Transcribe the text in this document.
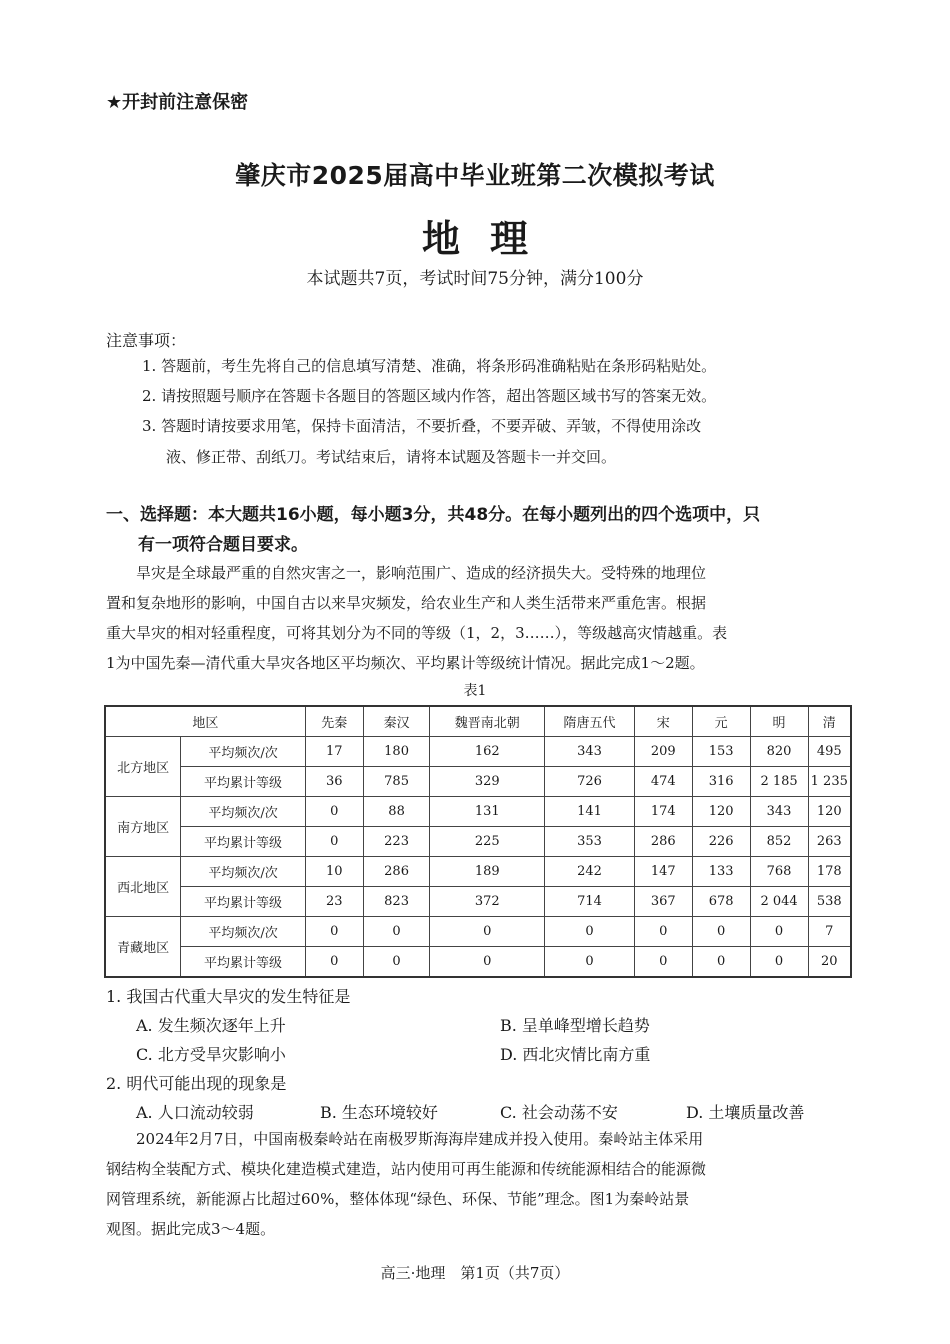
★开封前注意保密
肇庆市2025届高中毕业班第二次模拟考试
地理
本试题共7页，考试时间75分钟，满分100分
注意事项：
1. 答题前，考生先将自己的信息填写清楚、准确，将条形码准确粘贴在条形码粘贴处。
2. 请按照题号顺序在答题卡各题目的答题区域内作答，超出答题区域书写的答案无效。
3. 答题时请按要求用笔，保持卡面清洁，不要折叠，不要弄破、弄皱，不得使用涂改
液、修正带、刮纸刀。考试结束后，请将本试题及答题卡一并交回。
一、选择题：本大题共16小题，每小题3分，共48分。在每小题列出的四个选项中，只
有一项符合题目要求。
旱灾是全球最严重的自然灾害之一，影响范围广、造成的经济损失大。受特殊的地理位
置和复杂地形的影响，中国自古以来旱灾频发，给农业生产和人类生活带来严重危害。根据
重大旱灾的相对轻重程度，可将其划分为不同的等级（1，2，3……），等级越高灾情越重。表
1为中国先秦—清代重大旱灾各地区平均频次、平均累计等级统计情况。据此完成1～2题。
表1
地区		先秦	秦汉	魏晋南北朝	隋唐五代	宋	元	明	清
北方地区	平均频次/次	17	180	162	343	209	153	820	495
	平均累计等级	36	785	329	726	474	316	2 185	1 235
南方地区	平均频次/次	0	88	131	141	174	120	343	120
	平均累计等级	0	223	225	353	286	226	852	263
西北地区	平均频次/次	10	286	189	242	147	133	768	178
	平均累计等级	23	823	372	714	367	678	2 044	538
青藏地区	平均频次/次	0	0	0	0	0	0	0	7
	平均累计等级	0	0	0	0	0	0	0	20
1. 我国古代重大旱灾的发生特征是
A. 发生频次逐年上升	B. 呈单峰型增长趋势
C. 北方受旱灾影响小	D. 西北灾情比南方重
2. 明代可能出现的现象是
A. 人口流动较弱	B. 生态环境较好	C. 社会动荡不安	D. 土壤质量改善
2024年2月7日，中国南极秦岭站在南极罗斯海海岸建成并投入使用。秦岭站主体采用
钢结构全装配方式、模块化建造模式建造，站内使用可再生能源和传统能源相结合的能源微
网管理系统，新能源占比超过60%，整体体现“绿色、环保、节能”理念。图1为秦岭站景
观图。据此完成3～4题。
高三·地理　第1页（共7页）
